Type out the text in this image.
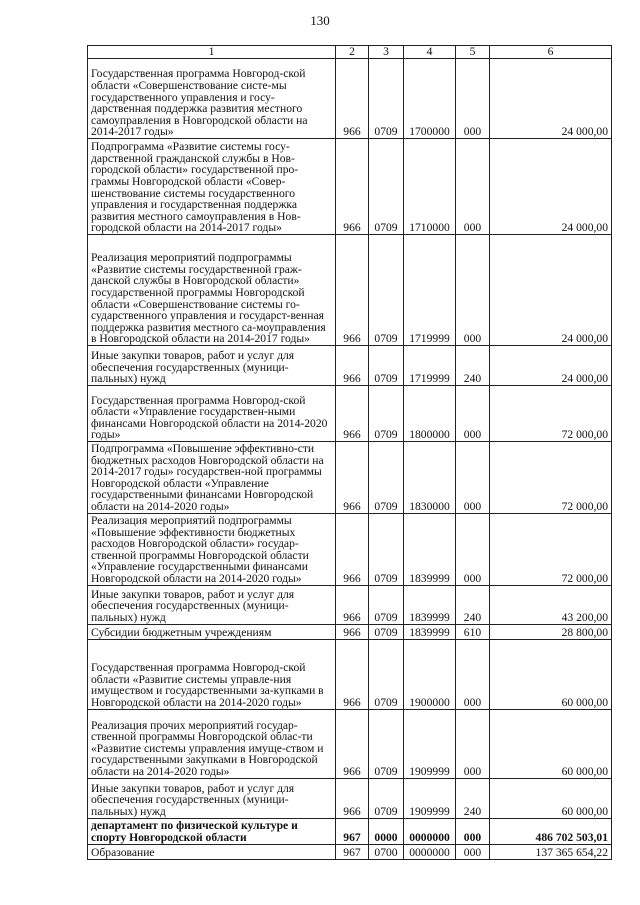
130
1	2	3	4	5	6

Государственная программа Новгород-ской области «Совершенствование систе-мы государственного управления и госу-дарственная поддержка развития местного самоуправления в Новгородской области на 2014-2017 годы»	966	0709	1700000	000	24 000,00

Подпрограмма «Развитие системы госу-дарственной гражданской службы в Нов-городской области» государственной про-граммы Новгородской области «Совер-шенствование системы государственного управления и государственная поддержка развития местного самоуправления в Нов-городской области на 2014-2017 годы»	966	0709	1710000	000	24 000,00

Реализация мероприятий подпрограммы «Развитие системы государственной граж-данской службы в Новгородской области» государственной программы Новгородской области «Совершенствование системы го-сударственного управления и государст-венная поддержка развития местного са-моуправления в Новгородской области на 2014-2017 годы»	966	0709	1719999	000	24 000,00

Иные закупки товаров, работ и услуг для обеспечения государственных (муници-пальных) нужд	966	0709	1719999	240	24 000,00

Государственная программа Новгород-ской области «Управление государствен-ными финансами Новгородской области на 2014-2020 годы»	966	0709	1800000	000	72 000,00

Подпрограмма «Повышение эффективно-сти бюджетных расходов Новгородской области на 2014-2017 годы» государствен-ной программы Новгородской области «Управление государственными финансами Новгородской области на 2014-2020 годы»	966	0709	1830000	000	72 000,00

Реализация мероприятий подпрограммы «Повышение эффективности бюджетных расходов Новгородской области» государ-ственной программы Новгородской области «Управление государственными финансами Новгородской области на 2014-2020 годы»	966	0709	1839999	000	72 000,00

Иные закупки товаров, работ и услуг для обеспечения государственных (муници-пальных) нужд	966	0709	1839999	240	43 200,00

Субсидии бюджетным учреждениям	966	0709	1839999	610	28 800,00

Государственная программа Новгород-ской области «Развитие системы управле-ния имуществом и государственными за-купками в Новгородской области на 2014-2020 годы»	966	0709	1900000	000	60 000,00

Реализация прочих мероприятий государ-ственной программы Новгородской облас-ти «Развитие системы управления имуще-ством и государственными закупками в Новгородской области на 2014-2020 годы»	966	0709	1909999	000	60 000,00

Иные закупки товаров, работ и услуг для обеспечения государственных (муници-пальных) нужд	966	0709	1909999	240	60 000,00

департамент по физической культуре и спорту Новгородской области	967	0000	0000000	000	486 702 503,01

Образование	967	0700	0000000	000	137 365 654,22
